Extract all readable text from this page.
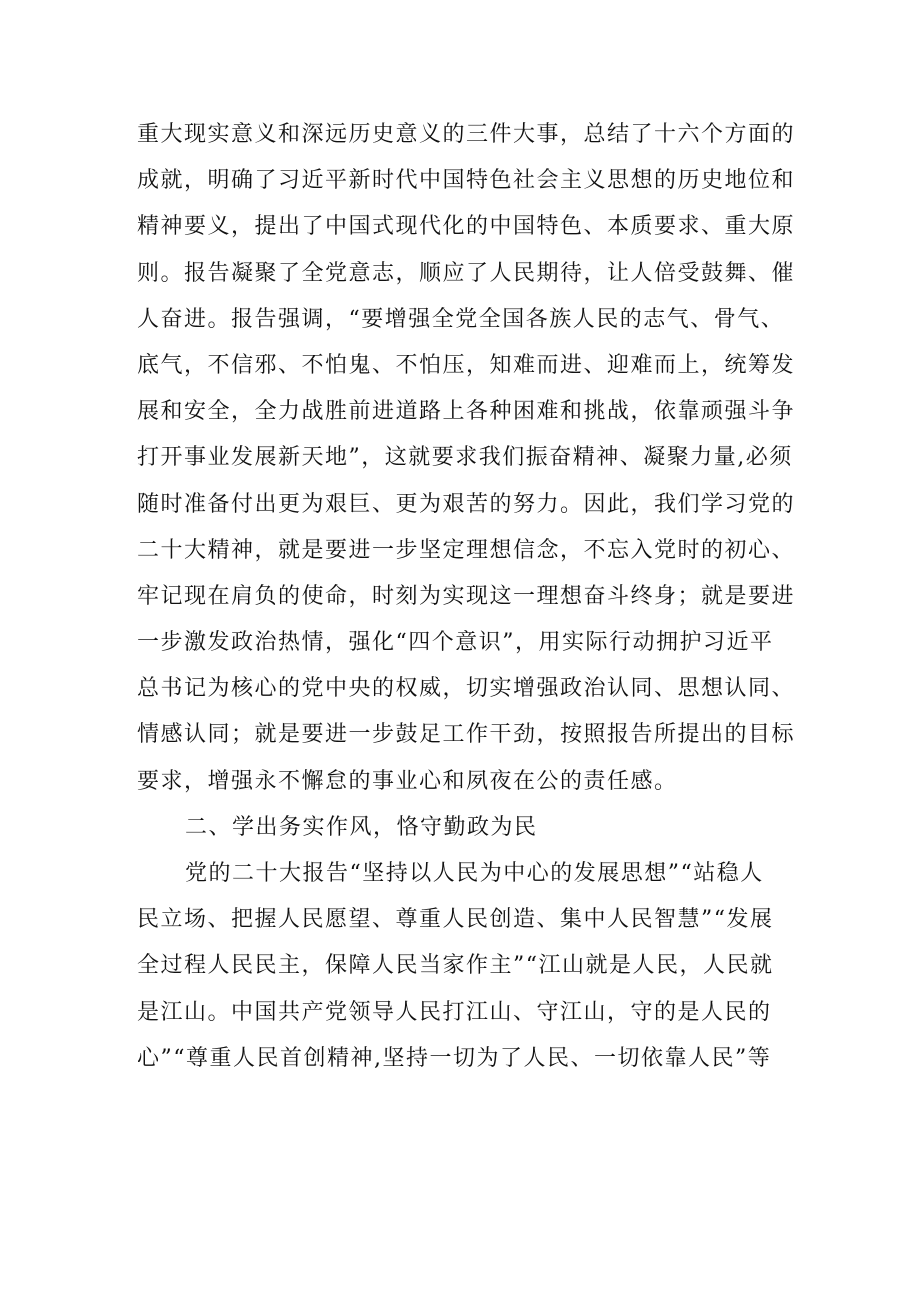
重大现实意义和深远历史意义的三件大事，总结了十六个方面的
成就，明确了习近平新时代中国特色社会主义思想的历史地位和
精神要义，提出了中国式现代化的中国特色、本质要求、重大原
则。报告凝聚了全党意志，顺应了人民期待，让人倍受鼓舞、催
人奋进。报告强调，“要增强全党全国各族人民的志气、骨气、
底气，不信邪、不怕鬼、不怕压，知难而进、迎难而上，统筹发
展和安全，全力战胜前进道路上各种困难和挑战，依靠顽强斗争
打开事业发展新天地”，这就要求我们振奋精神、凝聚力量,必须
随时准备付出更为艰巨、更为艰苦的努力。因此，我们学习党的
二十大精神，就是要进一步坚定理想信念，不忘入党时的初心、
牢记现在肩负的使命，时刻为实现这一理想奋斗终身；就是要进
一步激发政治热情，强化“四个意识”，用实际行动拥护习近平
总书记为核心的党中央的权威，切实增强政治认同、思想认同、
情感认同；就是要进一步鼓足工作干劲，按照报告所提出的目标
要求，增强永不懈怠的事业心和夙夜在公的责任感。
二、学出务实作风，恪守勤政为民
党的二十大报告“坚持以人民为中心的发展思想”“站稳人
民立场、把握人民愿望、尊重人民创造、集中人民智慧”“发展
全过程人民民主，保障人民当家作主”“江山就是人民，人民就
是江山。中国共产党领导人民打江山、守江山，守的是人民的
心”“尊重人民首创精神,坚持一切为了人民、一切依靠人民”等
